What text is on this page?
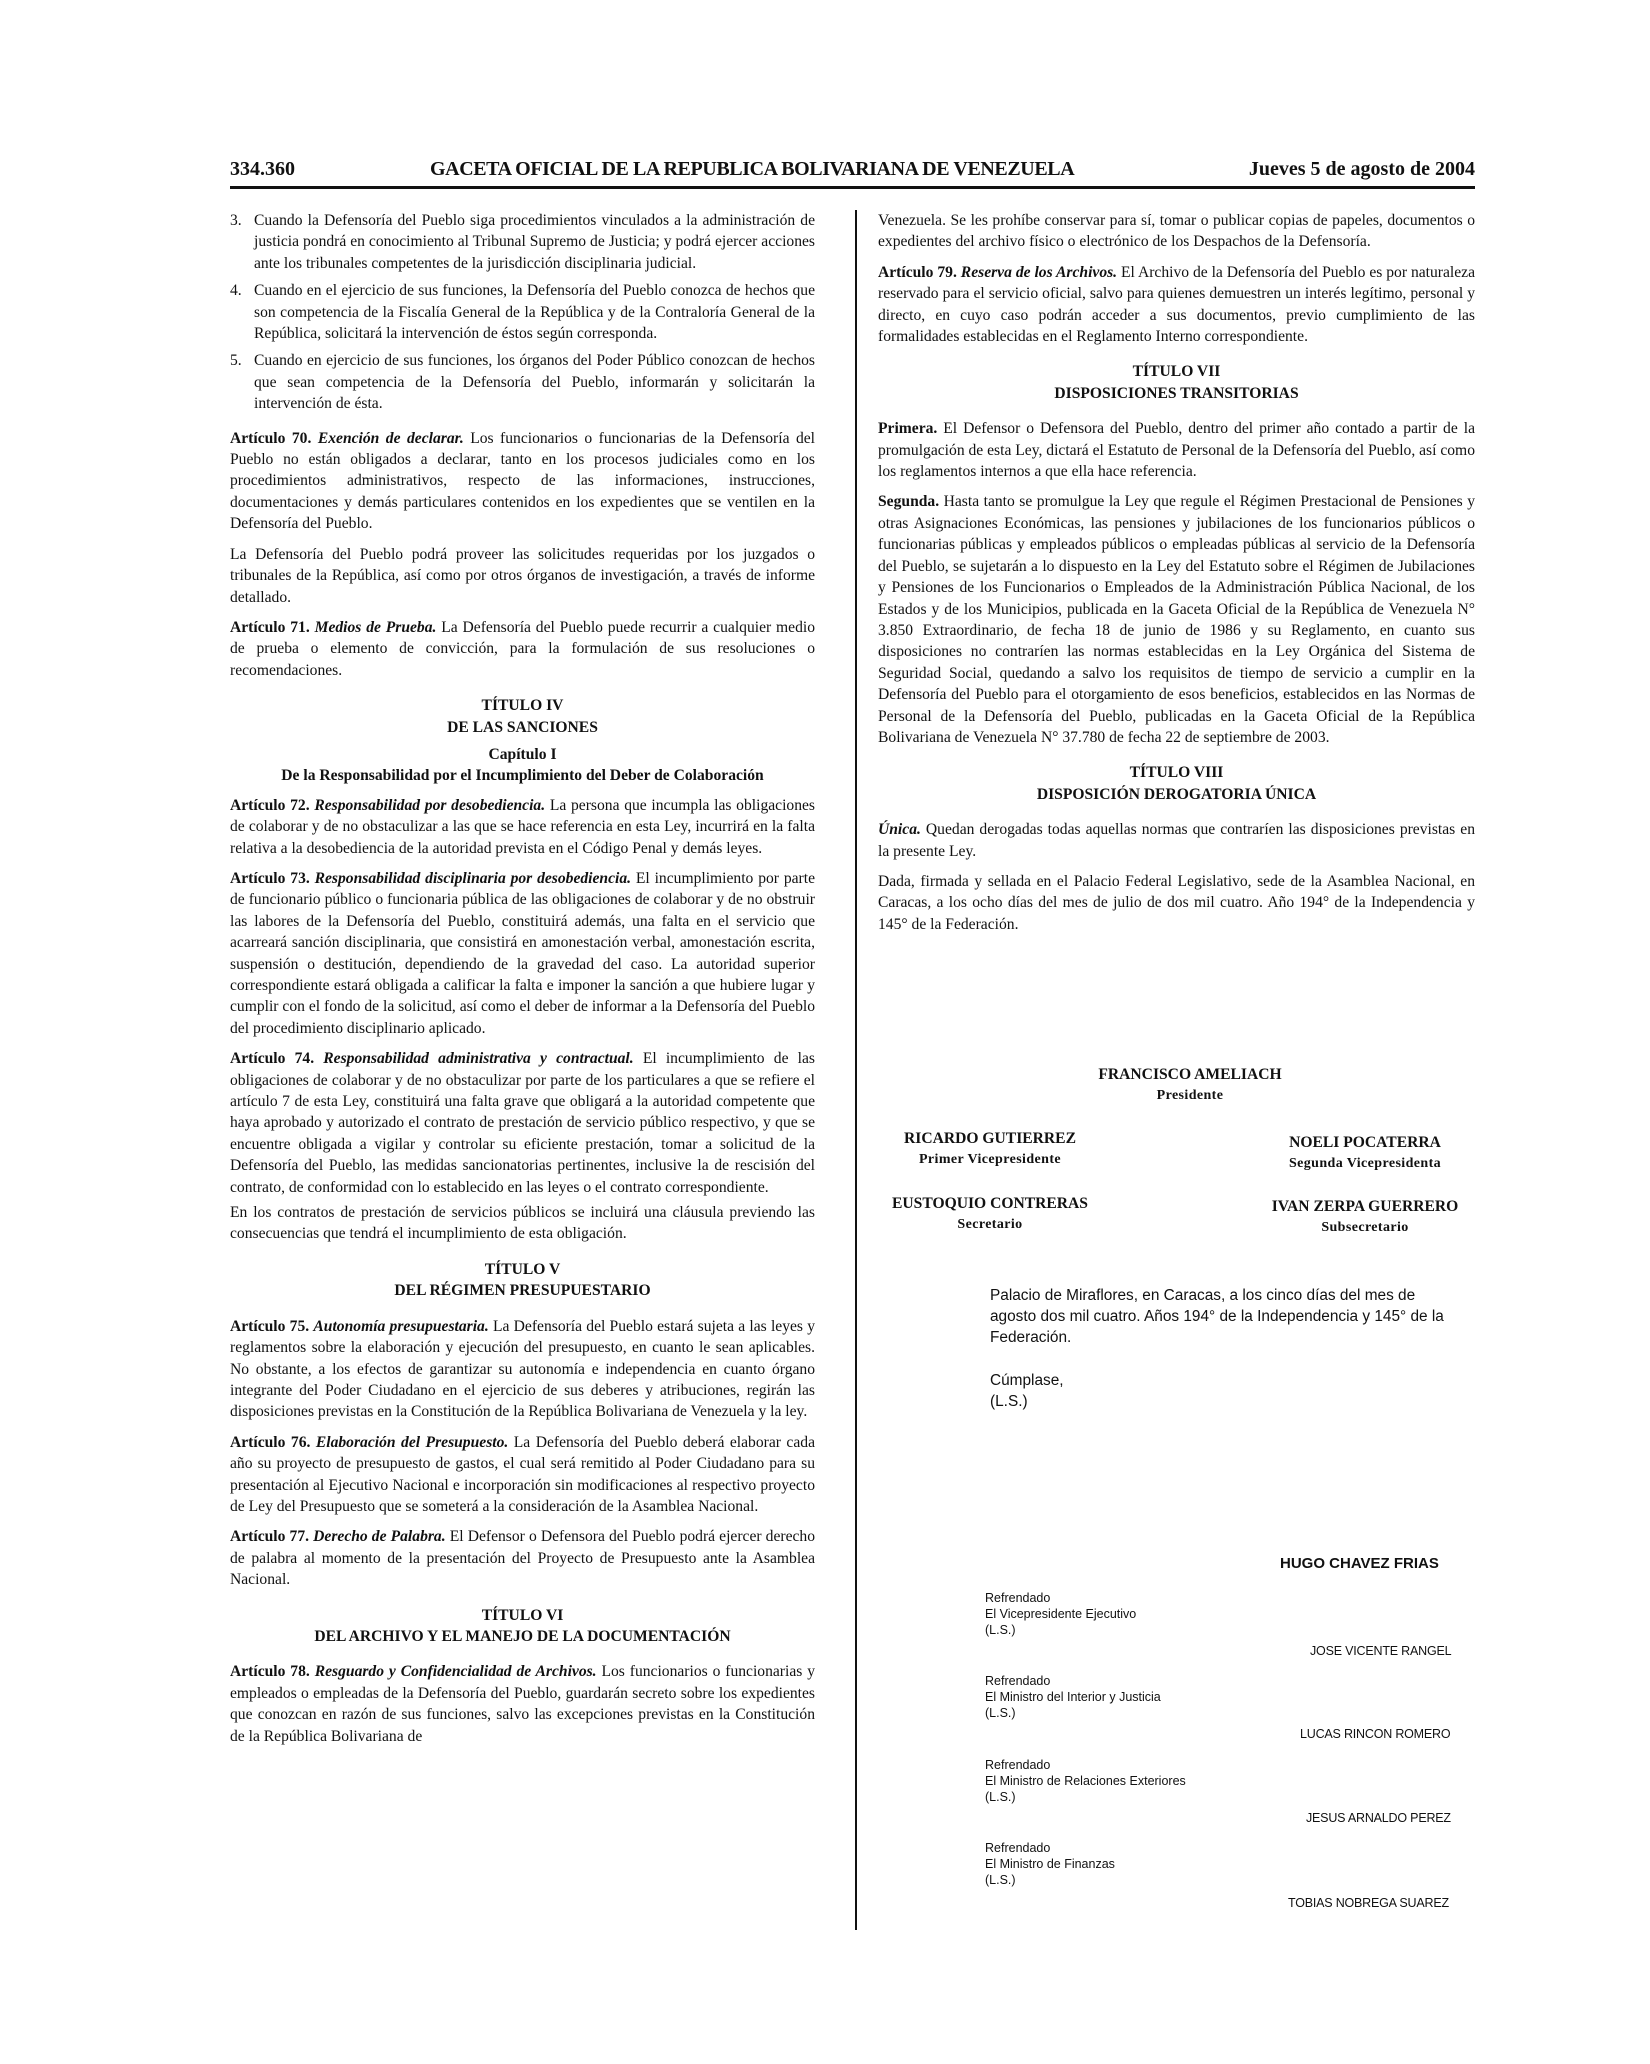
334.360	GACETA OFICIAL DE LA REPUBLICA BOLIVARIANA DE VENEZUELA	Jueves 5 de agosto de 2004
3. Cuando la Defensoría del Pueblo siga procedimientos vinculados a la administración de justicia pondrá en conocimiento al Tribunal Supremo de Justicia; y podrá ejercer acciones ante los tribunales competentes de la jurisdicción disciplinaria judicial.
4. Cuando en el ejercicio de sus funciones, la Defensoría del Pueblo conozca de hechos que son competencia de la Fiscalía General de la República y de la Contraloría General de la República, solicitará la intervención de éstos según corresponda.
5. Cuando en ejercicio de sus funciones, los órganos del Poder Público conozcan de hechos que sean competencia de la Defensoría del Pueblo, informarán y solicitarán la intervención de ésta.

Artículo 70. Exención de declarar. Los funcionarios o funcionarias de la Defensoría del Pueblo no están obligados a declarar, tanto en los procesos judiciales como en los procedimientos administrativos, respecto de las informaciones, instrucciones, documentaciones y demás particulares contenidos en los expedientes que se ventilen en la Defensoría del Pueblo.

La Defensoría del Pueblo podrá proveer las solicitudes requeridas por los juzgados o tribunales de la República, así como por otros órganos de investigación, a través de informe detallado.

Artículo 71. Medios de Prueba. La Defensoría del Pueblo puede recurrir a cualquier medio de prueba o elemento de convicción, para la formulación de sus resoluciones o recomendaciones.

TÍTULO IV
DE LAS SANCIONES
Capítulo I
De la Responsabilidad por el Incumplimiento del Deber de Colaboración

Artículo 72. Responsabilidad por desobediencia. La persona que incumpla las obligaciones de colaborar y de no obstaculizar a las que se hace referencia en esta Ley, incurrirá en la falta relativa a la desobediencia de la autoridad prevista en el Código Penal y demás leyes.

Artículo 73. Responsabilidad disciplinaria por desobediencia. El incumplimiento por parte de funcionario público o funcionaria pública de las obligaciones de colaborar y de no obstruir las labores de la Defensoría del Pueblo, constituirá además, una falta en el servicio que acarreará sanción disciplinaria, que consistirá en amonestación verbal, amonestación escrita, suspensión o destitución, dependiendo de la gravedad del caso. La autoridad superior correspondiente estará obligada a calificar la falta e imponer la sanción a que hubiere lugar y cumplir con el fondo de la solicitud, así como el deber de informar a la Defensoría del Pueblo del procedimiento disciplinario aplicado.

Artículo 74. Responsabilidad administrativa y contractual. El incumplimiento de las obligaciones de colaborar y de no obstaculizar por parte de los particulares a que se refiere el artículo 7 de esta Ley, constituirá una falta grave que obligará a la autoridad competente que haya aprobado y autorizado el contrato de prestación de servicio público respectivo, y que se encuentre obligada a vigilar y controlar su eficiente prestación, tomar a solicitud de la Defensoría del Pueblo, las medidas sancionatorias pertinentes, inclusive la de rescisión del contrato, de conformidad con lo establecido en las leyes o el contrato correspondiente.

En los contratos de prestación de servicios públicos se incluirá una cláusula previendo las consecuencias que tendrá el incumplimiento de esta obligación.

TÍTULO V
DEL RÉGIMEN PRESUPUESTARIO

Artículo 75. Autonomía presupuestaria. La Defensoría del Pueblo estará sujeta a las leyes y reglamentos sobre la elaboración y ejecución del presupuesto, en cuanto le sean aplicables. No obstante, a los efectos de garantizar su autonomía e independencia en cuanto órgano integrante del Poder Ciudadano en el ejercicio de sus deberes y atribuciones, regirán las disposiciones previstas en la Constitución de la República Bolivariana de Venezuela y la ley.

Artículo 76. Elaboración del Presupuesto. La Defensoría del Pueblo deberá elaborar cada año su proyecto de presupuesto de gastos, el cual será remitido al Poder Ciudadano para su presentación al Ejecutivo Nacional e incorporación sin modificaciones al respectivo proyecto de Ley del Presupuesto que se someterá a la consideración de la Asamblea Nacional.

Artículo 77. Derecho de Palabra. El Defensor o Defensora del Pueblo podrá ejercer derecho de palabra al momento de la presentación del Proyecto de Presupuesto ante la Asamblea Nacional.

TÍTULO VI
DEL ARCHIVO Y EL MANEJO DE LA DOCUMENTACIÓN

Artículo 78. Resguardo y Confidencialidad de Archivos. Los funcionarios o funcionarias y empleados o empleadas de la Defensoría del Pueblo, guardarán secreto sobre los expedientes que conozcan en razón de sus funciones, salvo las excepciones previstas en la Constitución de la República Bolivariana de

Venezuela. Se les prohíbe conservar para sí, tomar o publicar copias de papeles, documentos o expedientes del archivo físico o electrónico de los Despachos de la Defensoría.

Artículo 79. Reserva de los Archivos. El Archivo de la Defensoría del Pueblo es por naturaleza reservado para el servicio oficial, salvo para quienes demuestren un interés legítimo, personal y directo, en cuyo caso podrán acceder a sus documentos, previo cumplimiento de las formalidades establecidas en el Reglamento Interno correspondiente.

TÍTULO VII
DISPOSICIONES TRANSITORIAS

Primera. El Defensor o Defensora del Pueblo, dentro del primer año contado a partir de la promulgación de esta Ley, dictará el Estatuto de Personal de la Defensoría del Pueblo, así como los reglamentos internos a que ella hace referencia.

Segunda. Hasta tanto se promulgue la Ley que regule el Régimen Prestacional de Pensiones y otras Asignaciones Económicas, las pensiones y jubilaciones de los funcionarios públicos o funcionarias públicas y empleados públicos o empleadas públicas al servicio de la Defensoría del Pueblo, se sujetarán a lo dispuesto en la Ley del Estatuto sobre el Régimen de Jubilaciones y Pensiones de los Funcionarios o Empleados de la Administración Pública Nacional, de los Estados y de los Municipios, publicada en la Gaceta Oficial de la República de Venezuela N° 3.850 Extraordinario, de fecha 18 de junio de 1986 y su Reglamento, en cuanto sus disposiciones no contraríen las normas establecidas en la Ley Orgánica del Sistema de Seguridad Social, quedando a salvo los requisitos de tiempo de servicio a cumplir en la Defensoría del Pueblo para el otorgamiento de esos beneficios, establecidos en las Normas de Personal de la Defensoría del Pueblo, publicadas en la Gaceta Oficial de la República Bolivariana de Venezuela N° 37.780 de fecha 22 de septiembre de 2003.

TÍTULO VIII
DISPOSICIÓN DEROGATORIA ÚNICA

Única. Quedan derogadas todas aquellas normas que contraríen las disposiciones previstas en la presente Ley.

Dada, firmada y sellada en el Palacio Federal Legislativo, sede de la Asamblea Nacional, en Caracas, a los ocho días del mes de julio de dos mil cuatro. Año 194° de la Independencia y 145° de la Federación.

FRANCISCO AMELIACH
Presidente
RICARDO GUTIERREZ
Primer Vicepresidente
NOELI POCATERRA
Segunda Vicepresidenta
EUSTOQUIO CONTRERAS
Secretario
IVAN ZERPA GUERRERO
Subsecretario

Palacio de Miraflores, en Caracas, a los cinco días del mes de agosto dos mil cuatro. Años 194° de la Independencia y 145° de la Federación.

Cúmplase,
(L.S.)
HUGO CHAVEZ FRIAS
Refrendado
El Vicepresidente Ejecutivo
(L.S.)
JOSE VICENTE RANGEL
Refrendado
El Ministro del Interior y Justicia
(L.S.)
LUCAS RINCON ROMERO
Refrendado
El Ministro de Relaciones Exteriores
(L.S.)
JESUS ARNALDO PEREZ
Refrendado
El Ministro de Finanzas
(L.S.)
TOBIAS NOBREGA SUAREZ
